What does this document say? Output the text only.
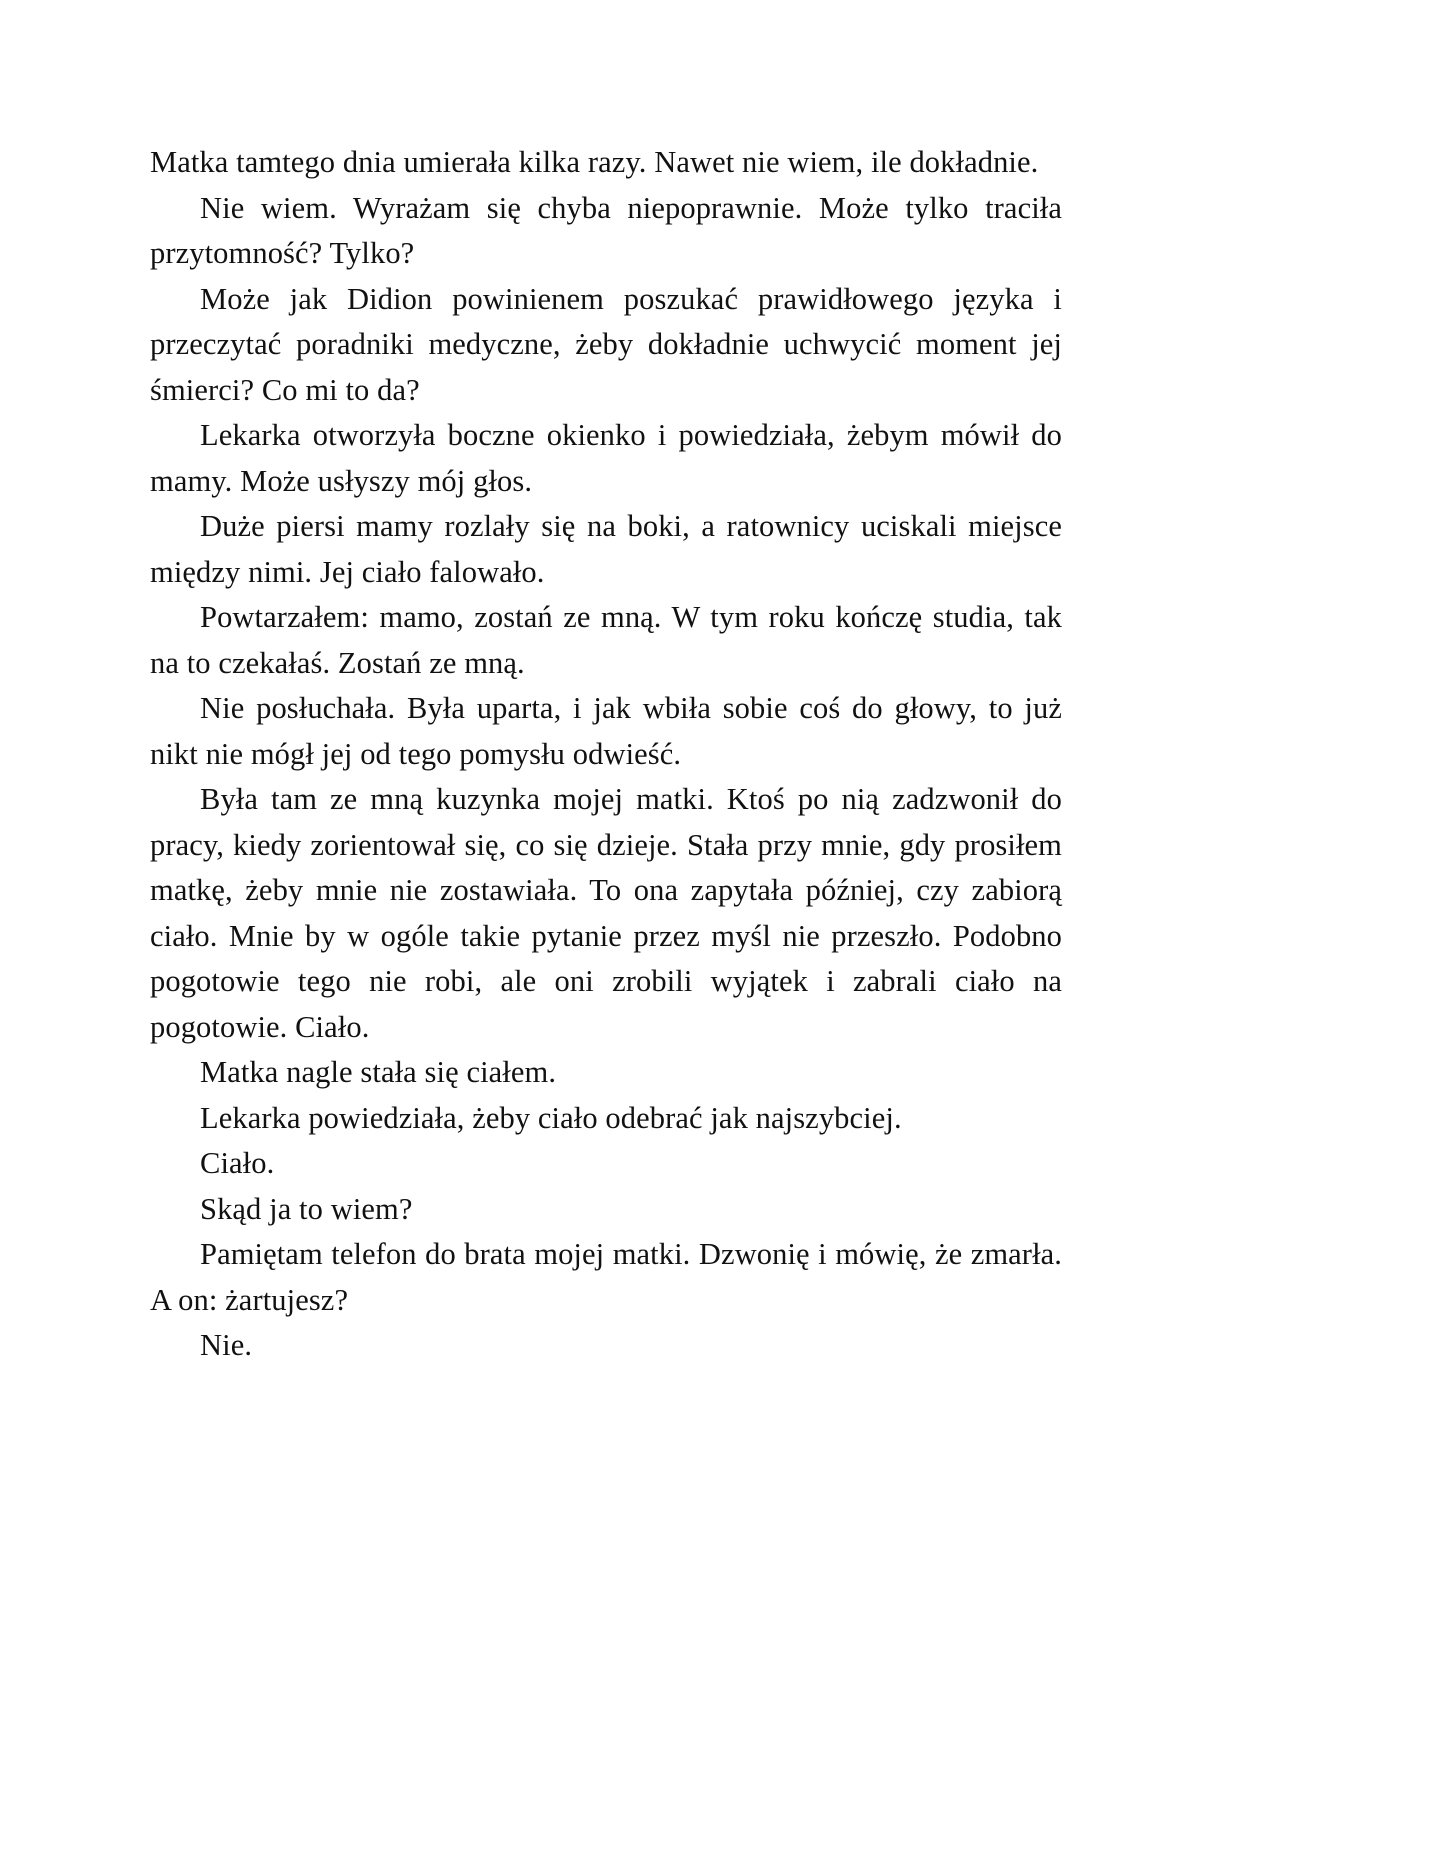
Matka tamtego dnia umierała kilka razy. Nawet nie wiem, ile dokładnie.

Nie wiem. Wyrażam się chyba niepoprawnie. Może tylko traciła przytomność? Tylko?

Może jak Didion powinienem poszukać prawidłowego języka i przeczytać poradniki medyczne, żeby dokładnie uchwycić moment jej śmierci? Co mi to da?

Lekarka otworzyła boczne okienko i powiedziała, żebym mówił do mamy. Może usłyszy mój głos.

Duże piersi mamy rozlały się na boki, a ratownicy uciskali miejsce między nimi. Jej ciało falowało.

Powtarzałem: mamo, zostań ze mną. W tym roku kończę studia, tak na to czekałaś. Zostań ze mną.

Nie posłuchała. Była uparta, i jak wbiła sobie coś do głowy, to już nikt nie mógł jej od tego pomysłu odwieść.

Była tam ze mną kuzynka mojej matki. Ktoś po nią zadzwonił do pracy, kiedy zorientował się, co się dzieje. Stała przy mnie, gdy prosiłem matkę, żeby mnie nie zostawiała. To ona zapytała później, czy zabiorą ciało. Mnie by w ogóle takie pytanie przez myśl nie przeszło. Podobno pogotowie tego nie robi, ale oni zrobili wyjątek i zabrali ciało na pogotowie. Ciało.

Matka nagle stała się ciałem.

Lekarka powiedziała, żeby ciało odebrać jak najszybciej.

Ciało.

Skąd ja to wiem?

Pamiętam telefon do brata mojej matki. Dzwonię i mówię, że zmarła. A on: żartujesz?

Nie.
